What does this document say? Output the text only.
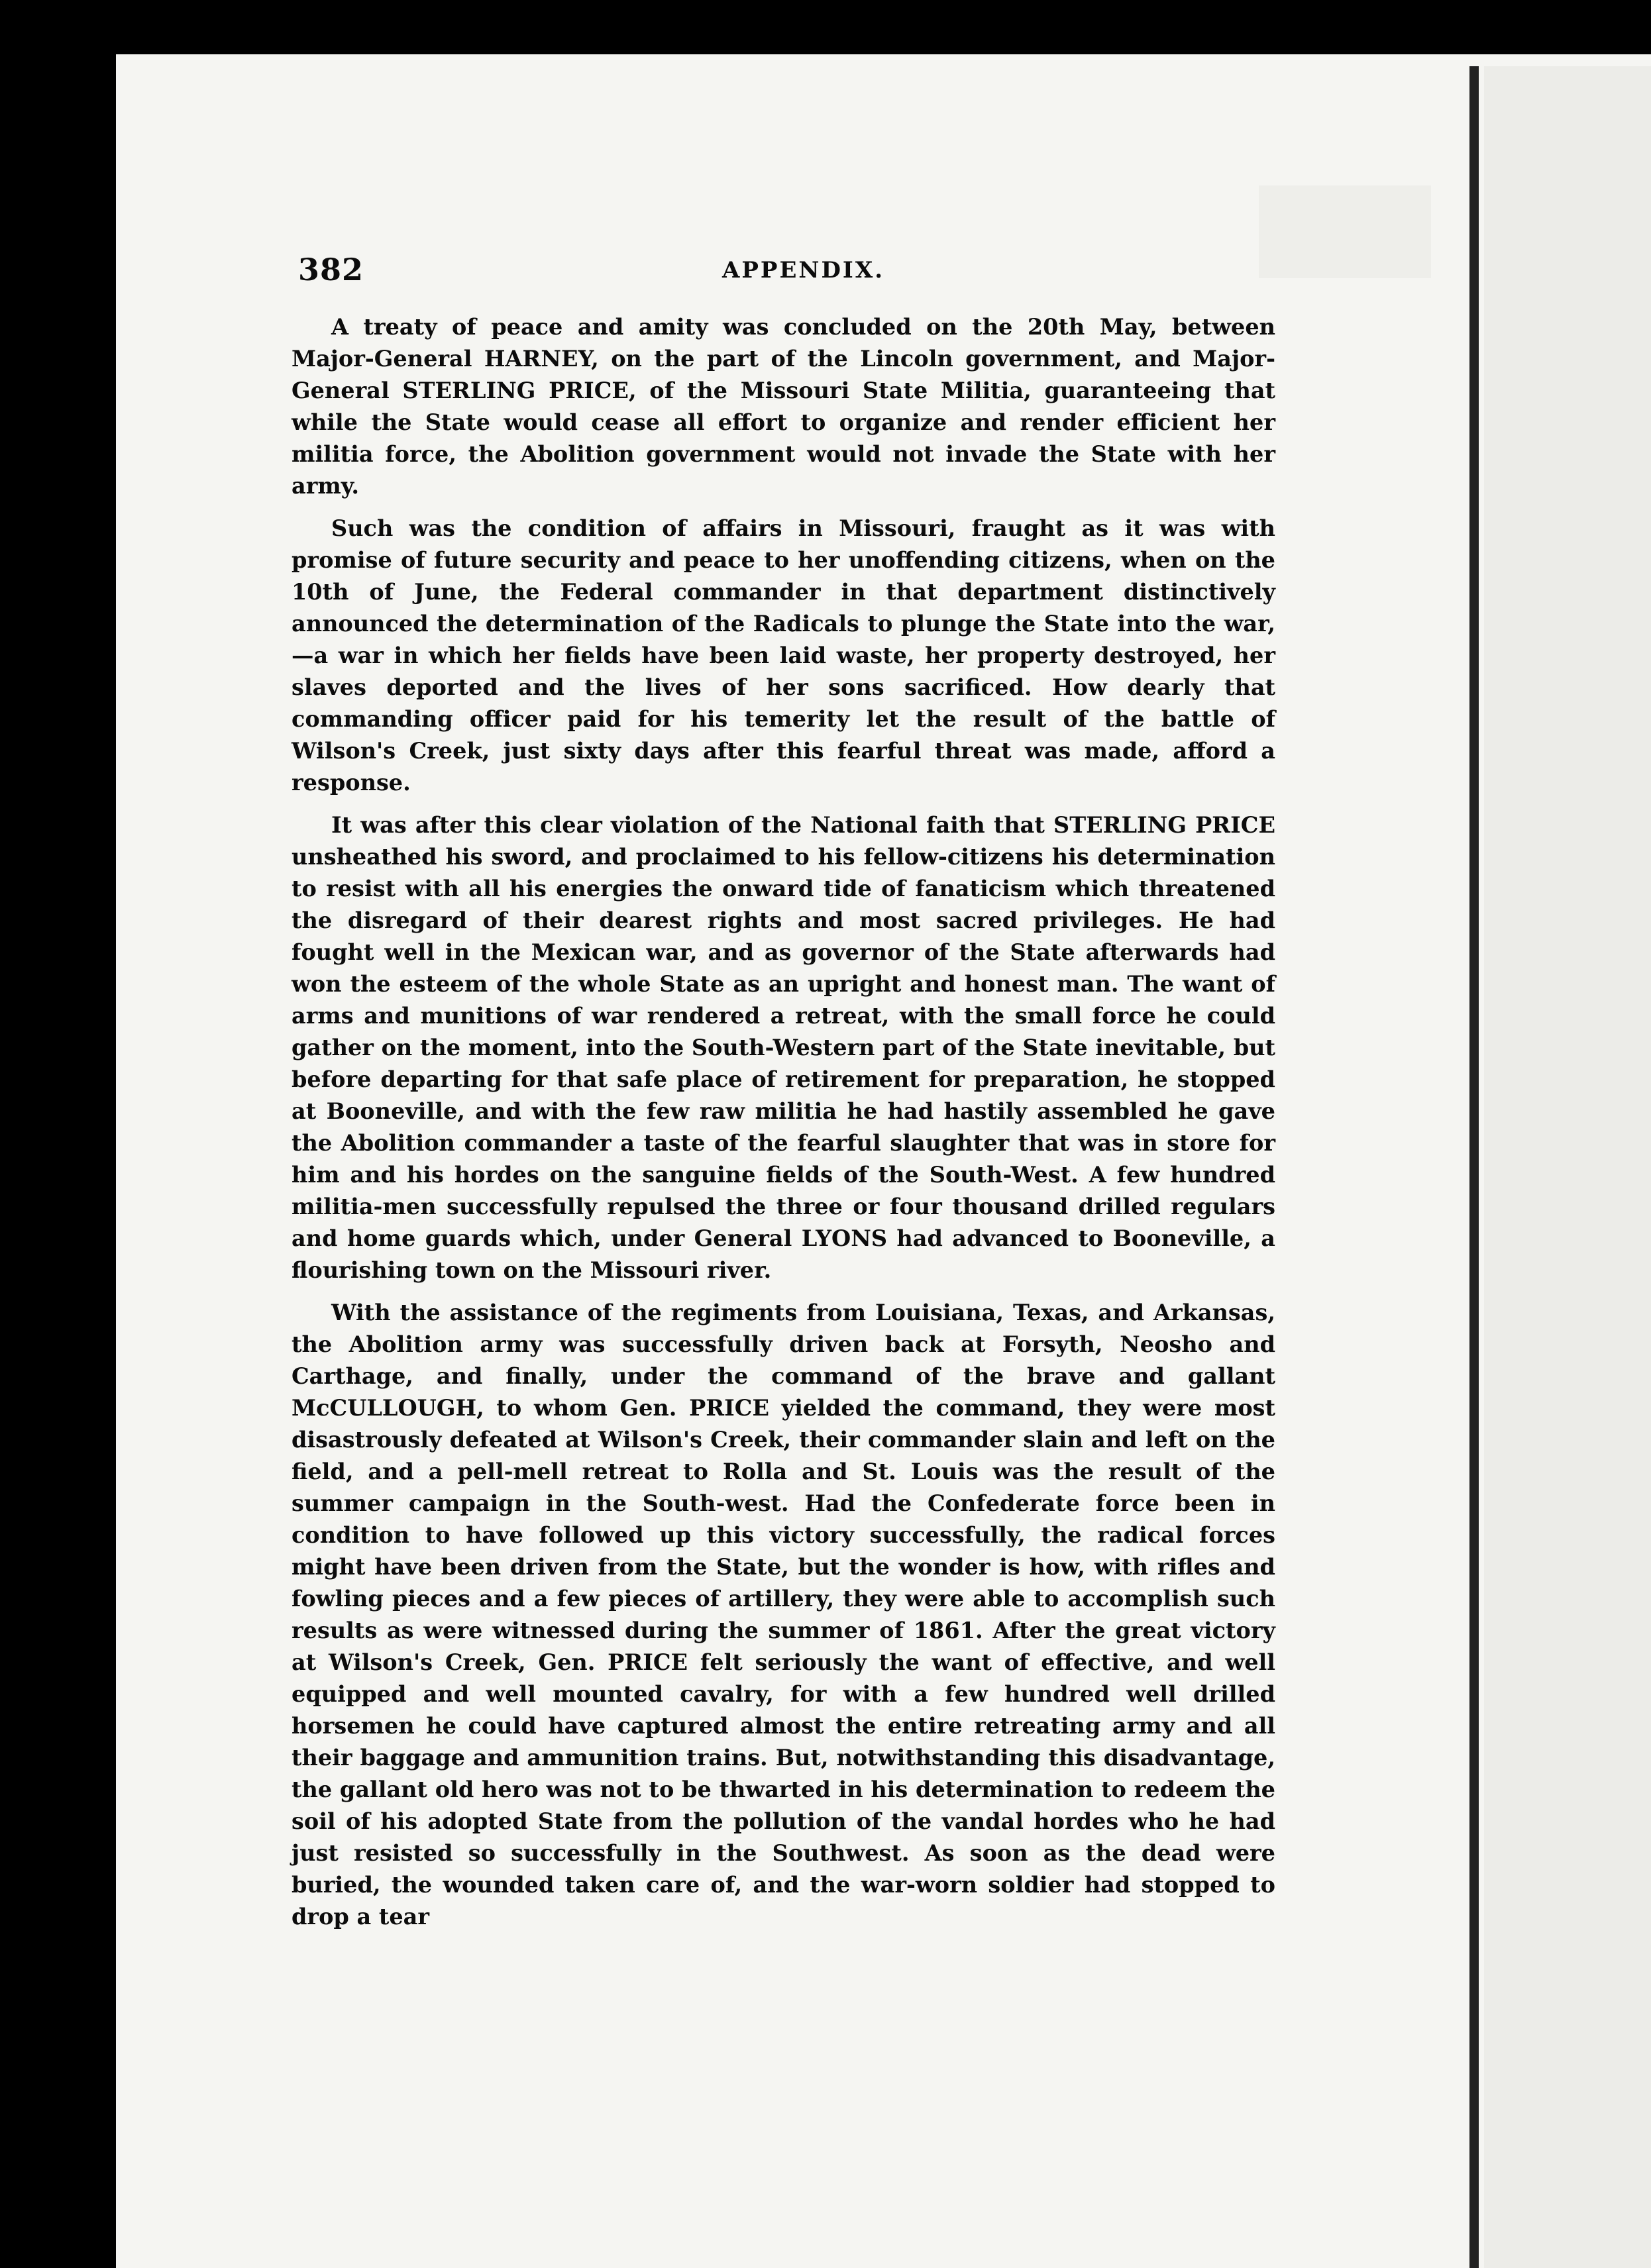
382	APPENDIX.

A treaty of peace and amity was concluded on the 20th May, between Major-General HARNEY, on the part of the Lincoln government, and Major-General STERLING PRICE, of the Missouri State Militia, guaranteeing that while the State would cease all effort to organize and render efficient her militia force, the Abolition government would not invade the State with her army.

Such was the condition of affairs in Missouri, fraught as it was with promise of future security and peace to her unoffending citizens, when on the 10th of June, the Federal commander in that department distinctively announced the determination of the Radicals to plunge the State into the war,—a war in which her fields have been laid waste, her property destroyed, her slaves deported and the lives of her sons sacrificed. How dearly that commanding officer paid for his temerity let the result of the battle of Wilson's Creek, just sixty days after this fearful threat was made, afford a response.

It was after this clear violation of the National faith that STERLING PRICE unsheathed his sword, and proclaimed to his fellow-citizens his determination to resist with all his energies the onward tide of fanaticism which threatened the disregard of their dearest rights and most sacred privileges. He had fought well in the Mexican war, and as governor of the State afterwards had won the esteem of the whole State as an upright and honest man. The want of arms and munitions of war rendered a retreat, with the small force he could gather on the moment, into the South-Western part of the State inevitable, but before departing for that safe place of retirement for preparation, he stopped at Booneville, and with the few raw militia he had hastily assembled he gave the Abolition commander a taste of the fearful slaughter that was in store for him and his hordes on the sanguine fields of the South-West. A few hundred militia-men successfully repulsed the three or four thousand drilled regulars and home guards which, under General LYONS had advanced to Booneville, a flourishing town on the Missouri river.

With the assistance of the regiments from Louisiana, Texas, and Arkansas, the Abolition army was successfully driven back at Forsyth, Neosho and Carthage, and finally, under the command of the brave and gallant McCULLOUGH, to whom Gen. PRICE yielded the command, they were most disastrously defeated at Wilson's Creek, their commander slain and left on the field, and a pell-mell retreat to Rolla and St. Louis was the result of the summer campaign in the South-west. Had the Confederate force been in condition to have followed up this victory successfully, the radical forces might have been driven from the State, but the wonder is how, with rifles and fowling pieces and a few pieces of artillery, they were able to accomplish such results as were witnessed during the summer of 1861. After the great victory at Wilson's Creek, Gen. PRICE felt seriously the want of effective, and well equipped and well mounted cavalry, for with a few hundred well drilled horsemen he could have captured almost the entire retreating army and all their baggage and ammunition trains. But, notwithstanding this disadvantage, the gallant old hero was not to be thwarted in his determination to redeem the soil of his adopted State from the pollution of the vandal hordes who he had just resisted so successfully in the Southwest. As soon as the dead were buried, the wounded taken care of, and the war-worn soldier had stopped to drop a tear
